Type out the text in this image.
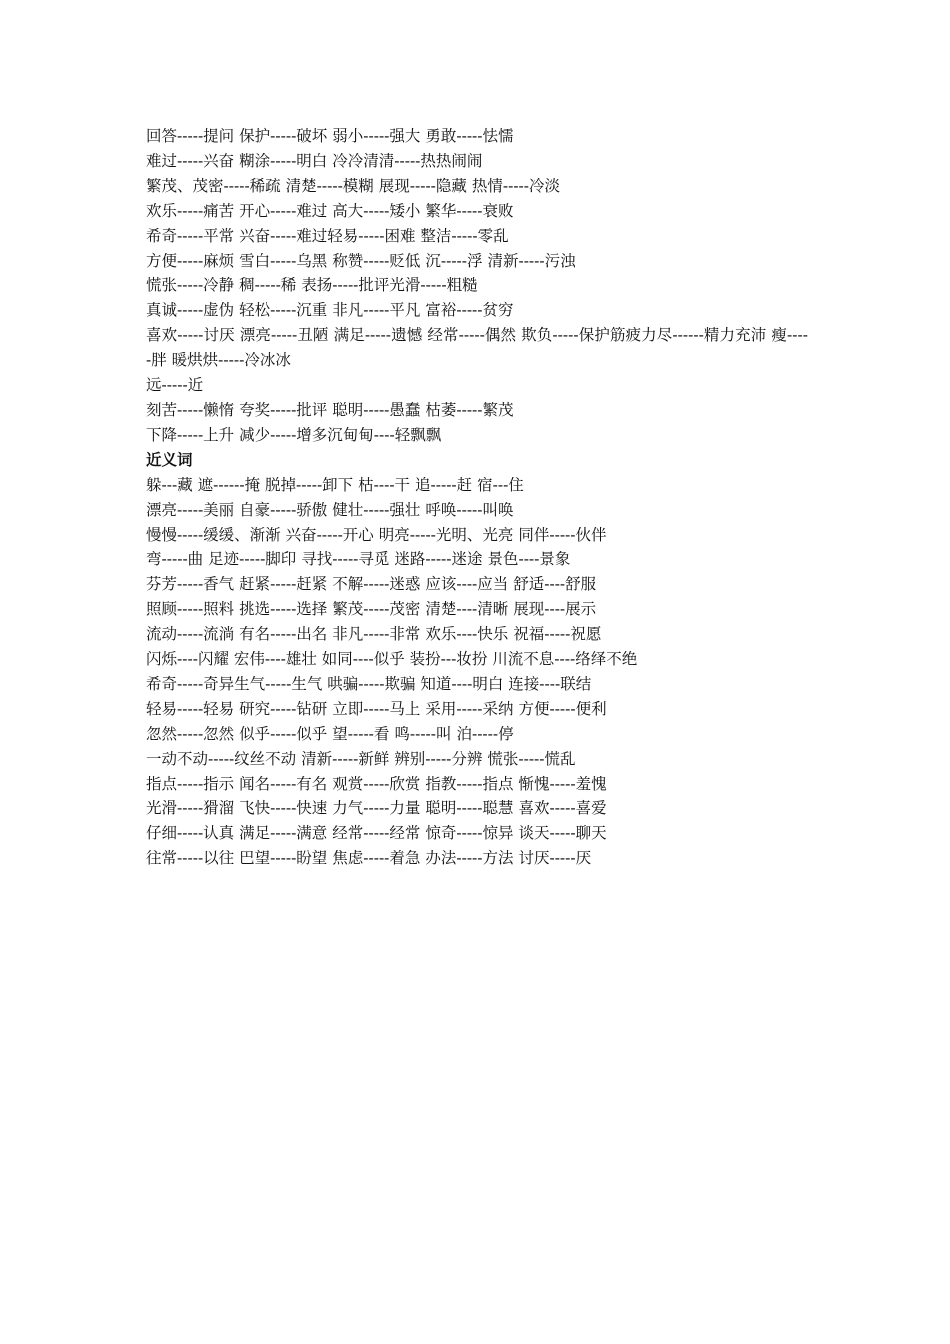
回答-----提问 保护-----破坏 弱小-----强大 勇敢-----怯懦

难过-----兴奋 糊涂-----明白 冷冷清清-----热热闹闹

繁茂、茂密-----稀疏 清楚-----模糊 展现-----隐藏 热情-----冷淡

欢乐-----痛苦 开心-----难过 高大-----矮小 繁华-----衰败

希奇-----平常 兴奋-----难过轻易-----困难 整洁-----零乱

方便-----麻烦 雪白-----乌黑 称赞-----贬低 沉-----浮 清新-----污浊

慌张-----冷静 稠-----稀 表扬-----批评光滑-----粗糙

真诚-----虚伪 轻松-----沉重 非凡-----平凡 富裕-----贫穷

喜欢-----讨厌 漂亮-----丑陋 满足-----遗憾 经常-----偶然 欺负-----保护筋疲力尽------精力充沛 瘦-----胖 暖烘烘-----冷冰冰

远-----近

刻苦-----懒惰 夸奖-----批评 聪明-----愚蠢 枯萎-----繁茂

下降-----上升 减少-----增多沉甸甸----轻飘飘

近义词

躲---藏 遮------掩 脱掉-----卸下 枯----干 追-----赶 宿---住

漂亮-----美丽 自豪-----骄傲 健壮-----强壮 呼唤-----叫唤

慢慢-----缓缓、渐渐 兴奋-----开心 明亮-----光明、光亮 同伴-----伙伴

弯-----曲 足迹-----脚印 寻找-----寻觅 迷路-----迷途 景色----景象

芬芳-----香气 赶紧-----赶紧 不解-----迷惑 应该----应当 舒适----舒服

照顾-----照料 挑选-----选择 繁茂-----茂密 清楚----清晰 展现----展示

流动-----流淌 有名-----出名 非凡-----非常 欢乐----快乐 祝福-----祝愿

闪烁----闪耀 宏伟----雄壮 如同----似乎 装扮---妆扮 川流不息----络绎不绝

希奇-----奇异生气-----生气 哄骗-----欺骗 知道----明白 连接----联结

轻易-----轻易 研究-----钻研 立即-----马上 采用-----采纳 方便-----便利

忽然-----忽然 似乎-----似乎 望-----看 鸣-----叫 泊-----停

一动不动-----纹丝不动 清新-----新鲜 辨别-----分辨 慌张-----慌乱

指点-----指示 闻名-----有名 观赏-----欣赏 指教-----指点 惭愧-----羞愧

光滑-----猾溜 飞快-----快速 力气-----力量 聪明-----聪慧 喜欢-----喜爱

仔细-----认真 满足-----满意 经常-----经常 惊奇-----惊异 谈天-----聊天

往常-----以往 巴望-----盼望 焦虑-----着急 办法-----方法 讨厌-----厌
